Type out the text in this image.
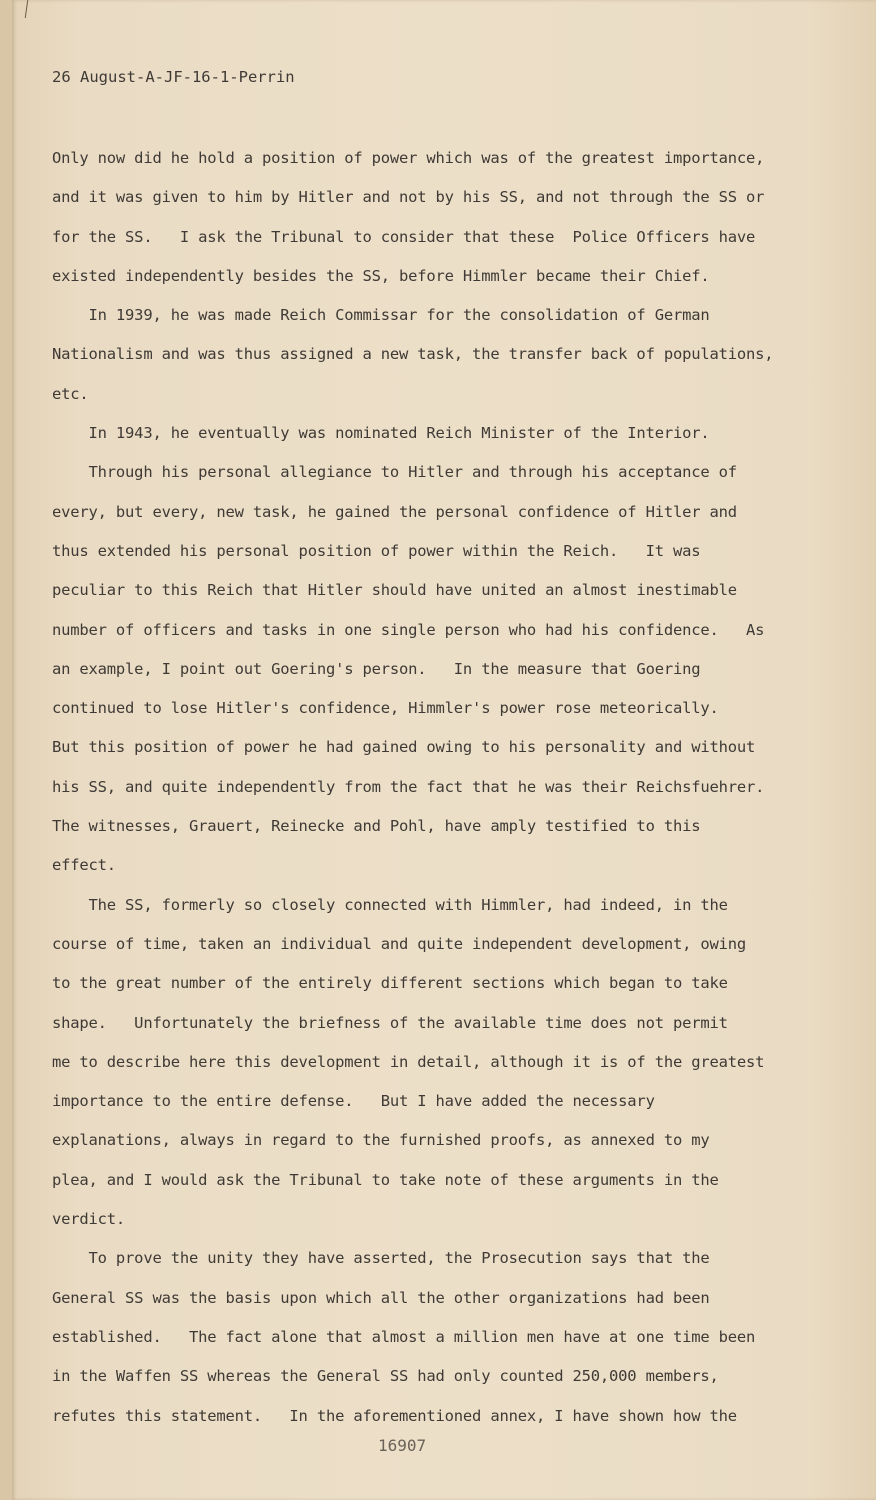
26 August-A-JF-16-1-Perrin
Only now did he hold a position of power which was of the greatest importance,
and it was given to him by Hitler and not by his SS, and not through the SS or
for the SS.   I ask the Tribunal to consider that these  Police Officers have
existed independently besides the SS, before Himmler became their Chief.
In 1939, he was made Reich Commissar for the consolidation of German
Nationalism and was thus assigned a new task, the transfer back of populations,
etc.
In 1943, he eventually was nominated Reich Minister of the Interior.
Through his personal allegiance to Hitler and through his acceptance of
every, but every, new task, he gained the personal confidence of Hitler and
thus extended his personal position of power within the Reich.   It was
peculiar to this Reich that Hitler should have united an almost inestimable
number of officers and tasks in one single person who had his confidence.   As
an example, I point out Goering's person.   In the measure that Goering
continued to lose Hitler's confidence, Himmler's power rose meteorically.
But this position of power he had gained owing to his personality and without
his SS, and quite independently from the fact that he was their Reichsfuehrer.
The witnesses, Grauert, Reinecke and Pohl, have amply testified to this
effect.
The SS, formerly so closely connected with Himmler, had indeed, in the
course of time, taken an individual and quite independent development, owing
to the great number of the entirely different sections which began to take
shape.   Unfortunately the briefness of the available time does not permit
me to describe here this development in detail, although it is of the greatest
importance to the entire defense.   But I have added the necessary
explanations, always in regard to the furnished proofs, as annexed to my
plea, and I would ask the Tribunal to take note of these arguments in the
verdict.
To prove the unity they have asserted, the Prosecution says that the
General SS was the basis upon which all the other organizations had been
established.   The fact alone that almost a million men have at one time been
in the Waffen SS whereas the General SS had only counted 250,000 members,
refutes this statement.   In the aforementioned annex, I have shown how the
16907
